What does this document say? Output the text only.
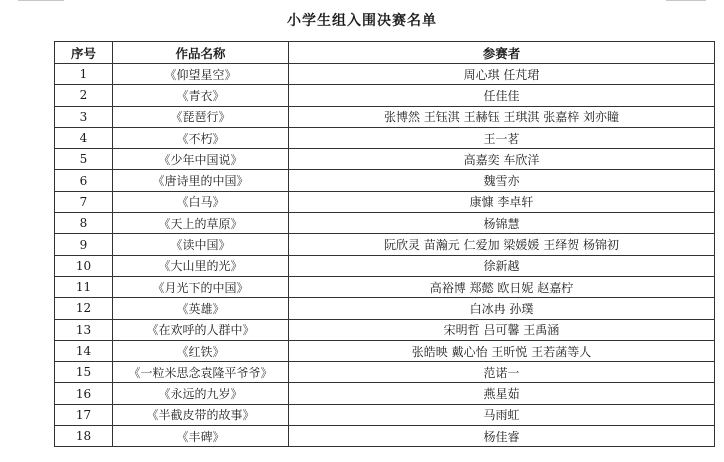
小学生组入围决赛名单
序号	作品名称	参赛者
1	《仰望星空》	周心琪 任芃珺
2	《青衣》	任佳佳
3	《琵琶行》	张博然 王钰淇 王赫钰 王琪淇 张嘉梓 刘亦瞳
4	《不朽》	王一茗
5	《少年中国说》	高嘉奕 车欣洋
6	《唐诗里的中国》	魏雪亦
7	《白马》	康慷 李卓轩
8	《天上的草原》	杨锦慧
9	《读中国》	阮欣灵 苗瀚元 仁爱加 梁媛媛 王绎贺 杨锦初
10	《大山里的光》	徐新越
11	《月光下的中国》	高裕博 郑懿 欧日妮 赵嘉柠
12	《英雄》	白冰冉 孙璞
13	《在欢呼的人群中》	宋明哲 吕可馨 王禹涵
14	《红铁》	张皓映 戴心怡 王昕悦 王若菡等人
15	《一粒米思念袁隆平爷爷》	范诺一
16	《永远的九岁》	燕星茹
17	《半截皮带的故事》	马雨虹
18	《丰碑》	杨佳睿
